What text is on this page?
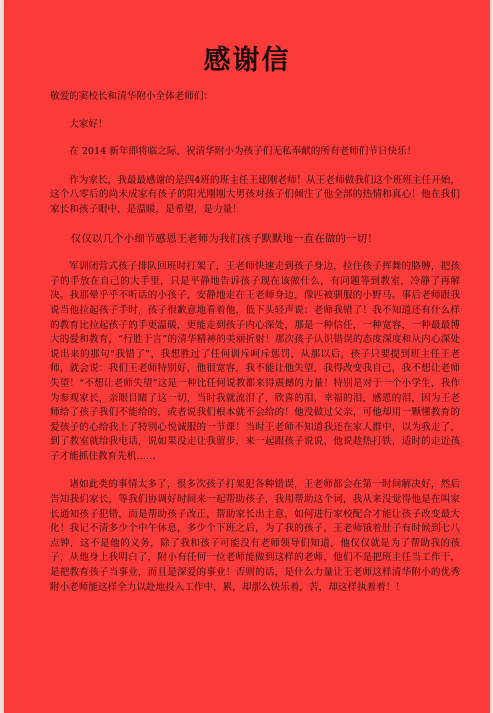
感谢信

敬爱的窦校长和清华附小全体老师们：

大家好！

在 2014 新年即将临之际，祝清华附小为孩子们无私奉献的所有老师们节日快乐！

作为家长，我最最感谢的是四4班的班主任王建刚老师！从王老师做我们这个班班主任开始，这个八零后的尚未成家有孩子的阳光刚刚大男孩对孩子们倾注了他全部的热情和真心！他在我们家长和孩子眼中，是温暖，是希望，是力量！

仅仅以几个小细节感恩王老师为我们孩子默默地一直在做的一切！

军训闭营式孩子排队回班时打架了，王老师快速走到孩子身边，拉住孩子挥舞的胳膊，把孩子的手放在自己的大手里，只是平静地告诉孩子现在该做什么，有问题等到教室，冷静了再解决。我那晕乎乎不听话的小孩子，安静地走在王老师身边，像匹被驯服的小野马。事后老师跟我说当他拉起孩子手时，孩子很歉意地看着他，低下头轻声说：老师我错了！我不知道还有什么样的教育比拉起孩子的手更温暖，更能走到孩子内心深处，那是一种信任，一种宽容，一种最最博大的爱和教育，“行胜于言”的清华精神的美丽折射！那次孩子认识错误的态度深度和从内心深处说出来的那句“我错了”，我想胜过了任何训斥呵斥惩罚，从那以后，孩子只要提到班主任王老师，就会说：我们王老师特别好，他很宽容，我不能让他失望，我得改变我自己，我不想让老师失望！“不想让老师失望”这是一种比任何说教都来得震撼的力量！特别是对于一个小学生，我作为参观家长，亲眼目睹了这一切，当时我就流泪了，欣喜的泪，幸福的泪，感恩的泪，因为王老师给了孩子我们不能给的，或者说我们根本就不会给的！他没做过父亲，可他却用一颗懂教育的爱孩子的心给我上了特别心悦诚服的一节课！当时王老师不知道我还在家人群中，以为我走了，到了教室就给我电话，说如果没走让我留步，来一起跟孩子说说，他说趁热打铁，适时的走近孩子才能抓住教育先机……

诸如此类的事情太多了，很多次孩子打架犯各种错误，王老师都会在第一时间解决好，然后告知我们家长，等我们协调好时间来一起帮助孩子，我用帮助这个词，我从来没觉得他是在叫家长通知孩子犯错，而是帮助孩子改正，帮助家长出主意，如何进行家校配合才能让孩子改变最大化！我记不清多少个中午休息，多少个下班之后，为了我的孩子，王老师饿着肚子有时候到七八点钟，这不是他的义务，除了我和孩子可能没有老师领导们知道，他仅仅就是为了帮助我的孩子，从他身上我明白了，附小有任何一位老师能做到这样的老师，他们不是把班主任当工作干，是把教育孩子当事业，而且是深爱的事业！否则的话，是什么力量让王老师这样清华附小的优秀附小老师能这样全力以赴地投入工作中，累，却那么快乐着，苦，却这样执着着！！
